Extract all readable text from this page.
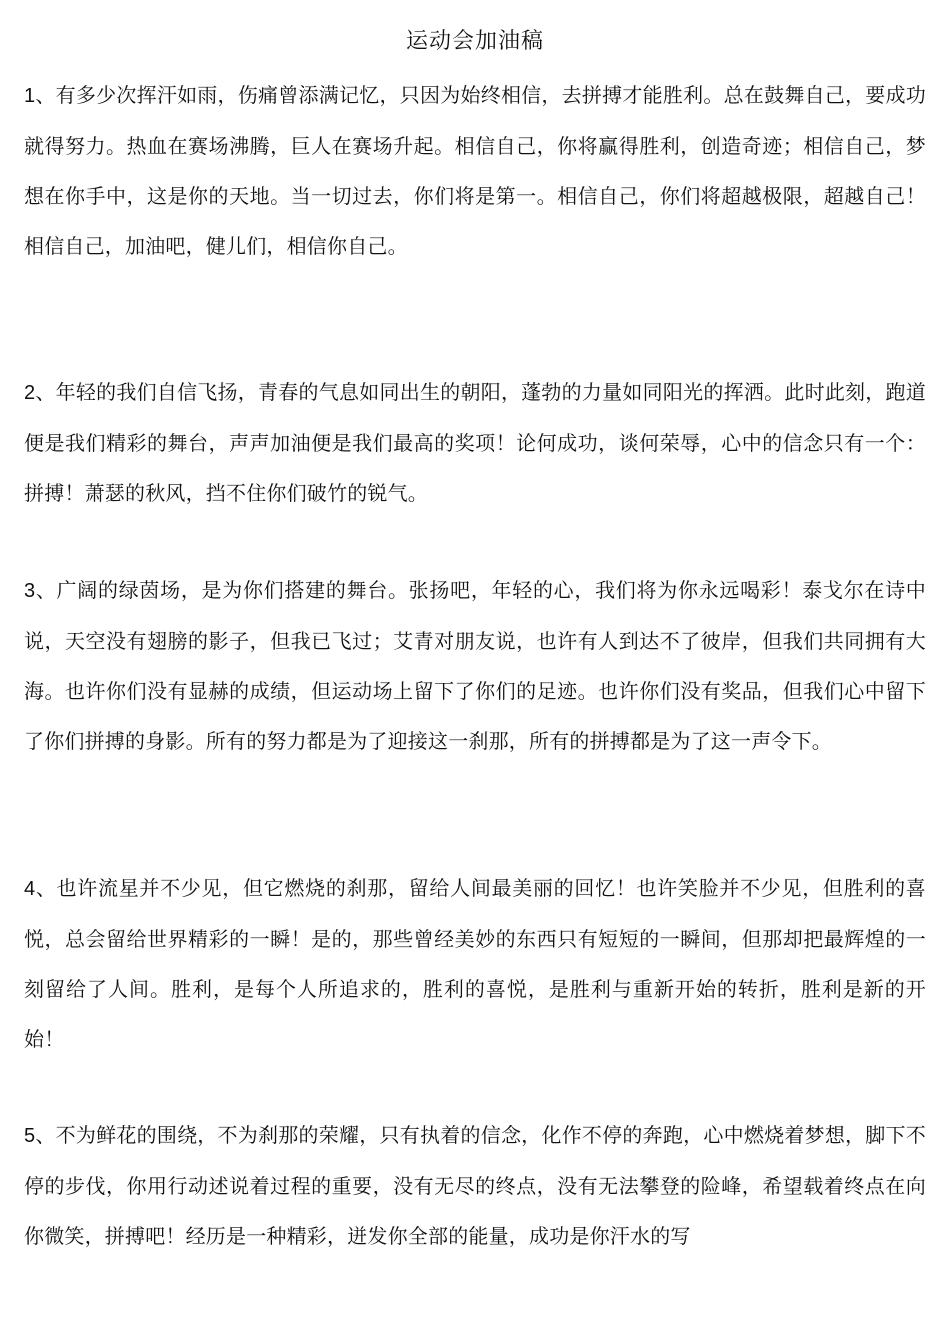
运动会加油稿
1、有多少次挥汗如雨，伤痛曾添满记忆，只因为始终相信，去拼搏才能胜利。总在鼓舞自己，要成功就得努力。热血在赛场沸腾，巨人在赛场升起。相信自己，你将赢得胜利，创造奇迹；相信自己，梦想在你手中，这是你的天地。当一切过去，你们将是第一。相信自己，你们将超越极限，超越自己！相信自己，加油吧，健儿们，相信你自己。
2、年轻的我们自信飞扬，青春的气息如同出生的朝阳，蓬勃的力量如同阳光的挥洒。此时此刻，跑道便是我们精彩的舞台，声声加油便是我们最高的奖项！论何成功，谈何荣辱，心中的信念只有一个：拼搏！萧瑟的秋风，挡不住你们破竹的锐气。
3、广阔的绿茵场，是为你们搭建的舞台。张扬吧，年轻的心，我们将为你永远喝彩！泰戈尔在诗中说，天空没有翅膀的影子，但我已飞过；艾青对朋友说，也许有人到达不了彼岸，但我们共同拥有大海。也许你们没有显赫的成绩，但运动场上留下了你们的足迹。也许你们没有奖品，但我们心中留下了你们拼搏的身影。所有的努力都是为了迎接这一刹那，所有的拼搏都是为了这一声令下。
4、也许流星并不少见，但它燃烧的刹那，留给人间最美丽的回忆！也许笑脸并不少见，但胜利的喜悦，总会留给世界精彩的一瞬！是的，那些曾经美妙的东西只有短短的一瞬间，但那却把最辉煌的一刻留给了人间。胜利，是每个人所追求的，胜利的喜悦，是胜利与重新开始的转折，胜利是新的开始！
5、不为鲜花的围绕，不为刹那的荣耀，只有执着的信念，化作不停的奔跑，心中燃烧着梦想，脚下不停的步伐，你用行动述说着过程的重要，没有无尽的终点，没有无法攀登的险峰，希望载着终点在向你微笑，拼搏吧！经历是一种精彩，迸发你全部的能量，成功是你汗水的写
